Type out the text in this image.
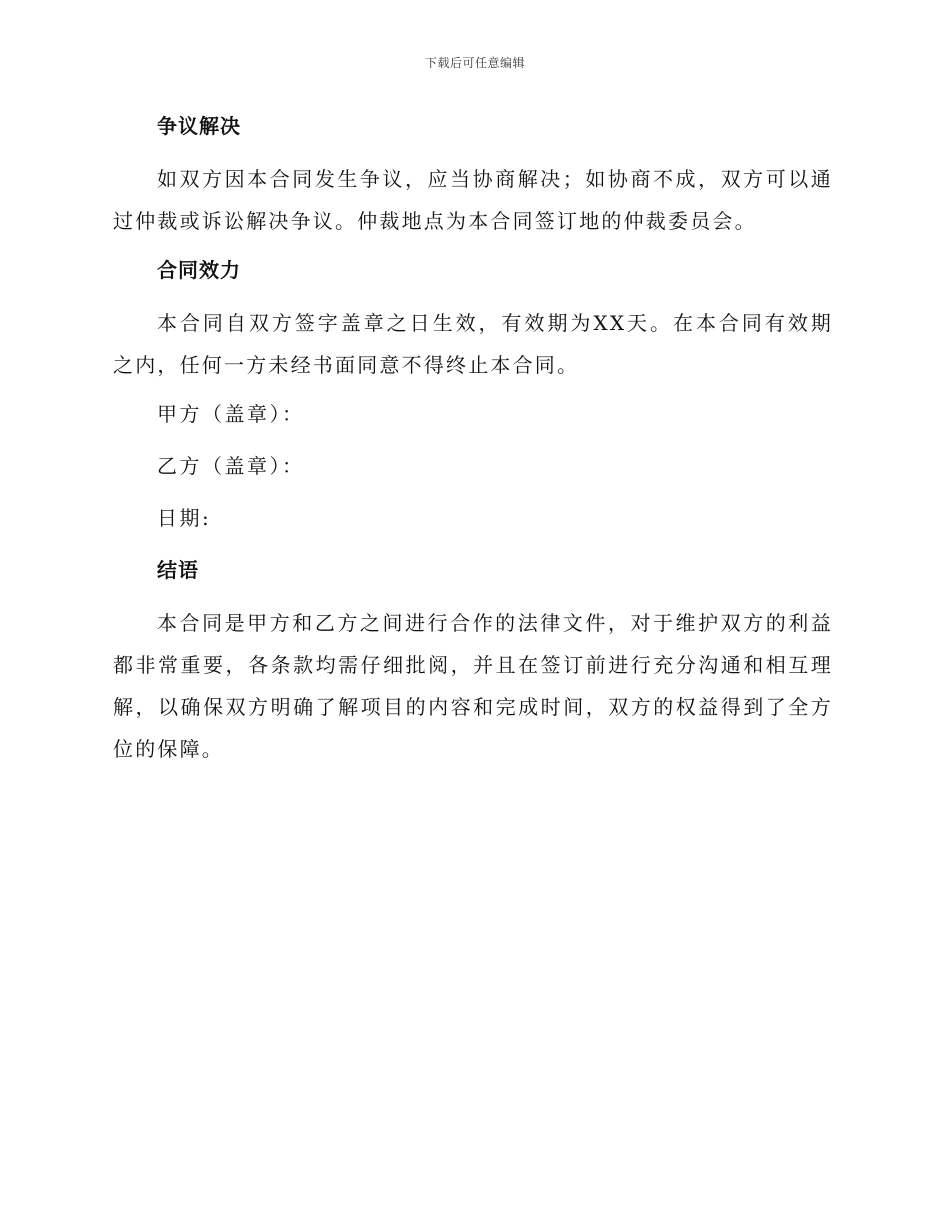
下载后可任意编辑
争议解决

如双方因本合同发生争议，应当协商解决；如协商不成，双方可以通过仲裁或诉讼解决争议。仲裁地点为本合同签订地的仲裁委员会。

合同效力

本合同自双方签字盖章之日生效，有效期为XX天。在本合同有效期之内，任何一方未经书面同意不得终止本合同。

甲方（盖章）：
乙方（盖章）：
日期:
结语

本合同是甲方和乙方之间进行合作的法律文件，对于维护双方的利益都非常重要，各条款均需仔细批阅，并且在签订前进行充分沟通和相互理解，以确保双方明确了解项目的内容和完成时间，双方的权益得到了全方位的保障。
